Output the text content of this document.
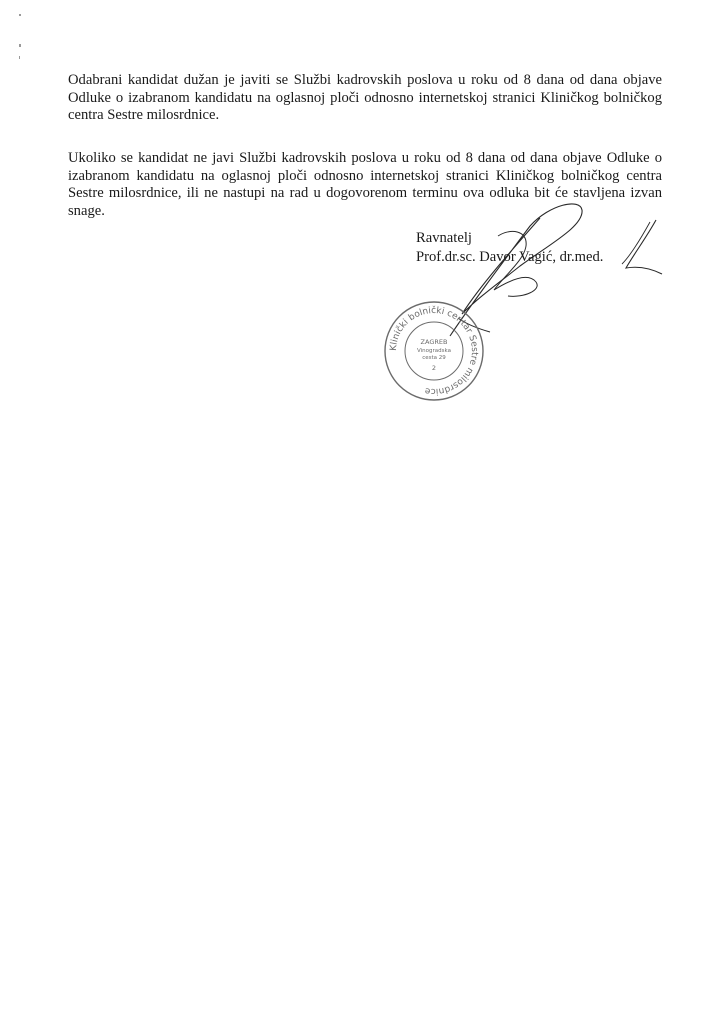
Odabrani kandidat dužan je javiti se Službi kadrovskih poslova u roku od 8 dana od dana objave Odluke o izabranom kandidatu na oglasnoj ploči odnosno internetskoj stranici Kliničkog bolničkog centra Sestre milosrdnice.

Ukoliko se kandidat ne javi Službi kadrovskih poslova u roku od 8 dana od dana objave Odluke o izabranom kandidatu na oglasnoj ploči odnosno internetskoj stranici Kliničkog bolničkog centra Sestre milosrdnice, ili ne nastupi na rad u dogovorenom terminu ova odluka bit će stavljena izvan snage.

Ravnatelj
Prof.dr.sc. Davor Vagić, dr.med.
Klinički bolnički centar Sestre milosrdnice
ZAGREB
Vinogradska
cesta 29
2
